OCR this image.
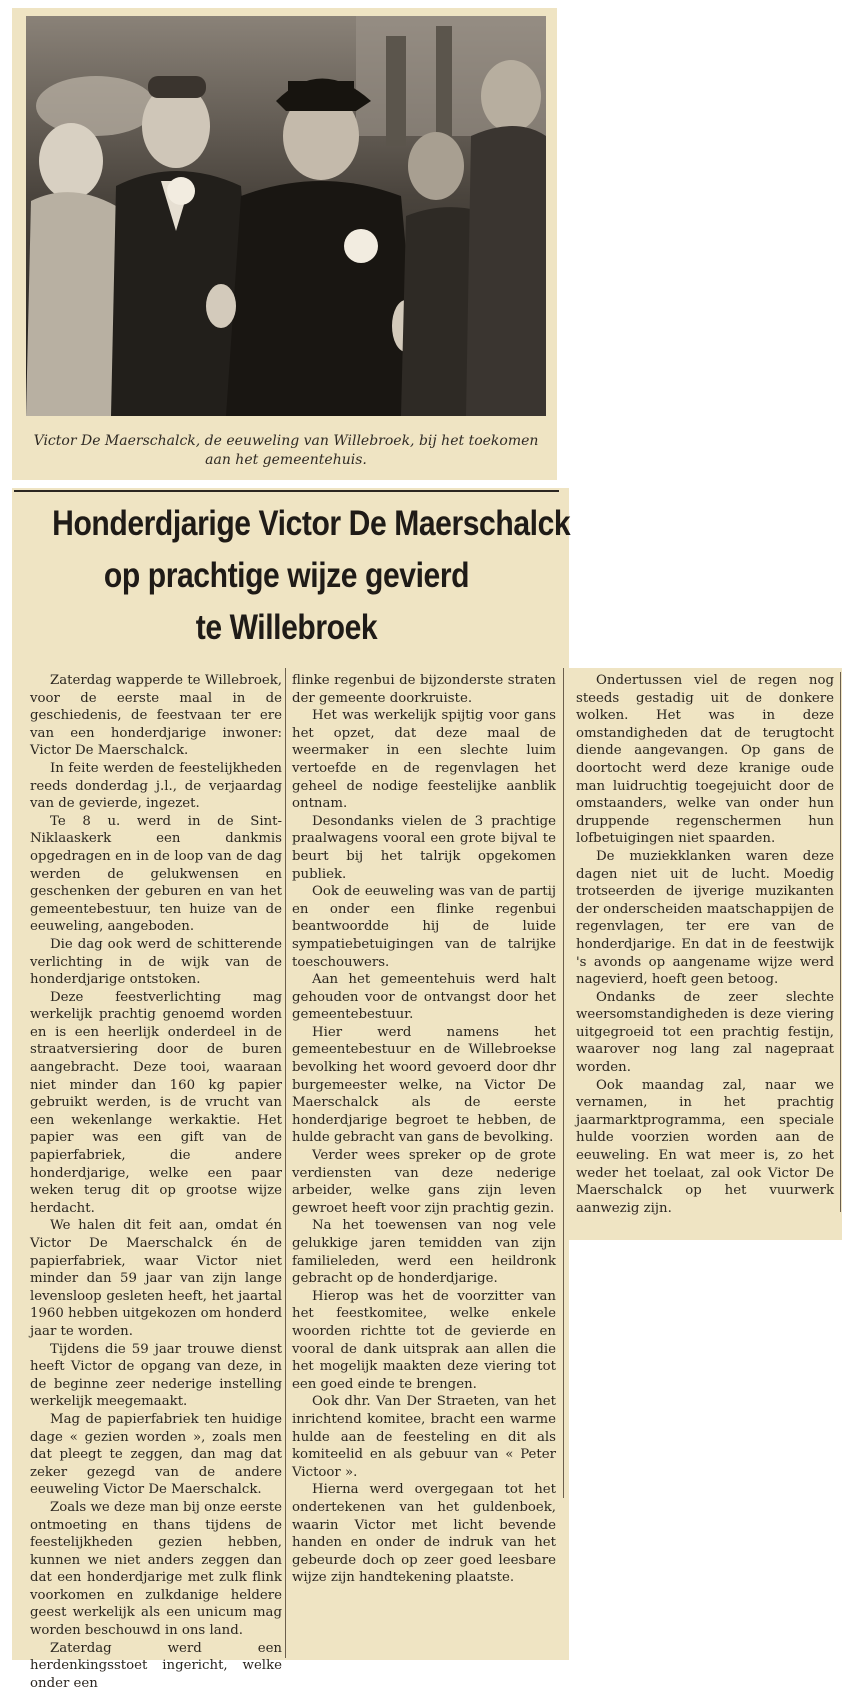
Victor De Maerschalck, de eeuweling van Willebroek, bij het toekomen aan het gemeentehuis.
Honderdjarige Victor De Maerschalck
op prachtige wijze gevierd
te Willebroek

Zaterdag wapperde te Willebroek, voor de eerste maal in de geschiedenis, de feestvaan ter ere van een honderdjarige inwoner: Victor De Maerschalck.

In feite werden de feestelijkheden reeds donderdag j.l., de verjaardag van de gevierde, ingezet.

Te 8 u. werd in de Sint-Niklaaskerk een dankmis opgedragen en in de loop van de dag werden de gelukwensen en geschenken der geburen en van het gemeentebestuur, ten huize van de eeuweling, aangeboden.

Die dag ook werd de schitterende verlichting in de wijk van de honderdjarige ontstoken.

Deze feestverlichting mag werkelijk prachtig genoemd worden en is een heerlijk onderdeel in de straatversiering door de buren aangebracht. Deze tooi, waaraan niet minder dan 160 kg papier gebruikt werden, is de vrucht van een wekenlange werkaktie. Het papier was een gift van de papierfabriek, die andere honderdjarige, welke een paar weken terug dit op grootse wijze herdacht.

We halen dit feit aan, omdat én Victor De Maerschalck én de papierfabriek, waar Victor niet minder dan 59 jaar van zijn lange levensloop gesleten heeft, het jaartal 1960 hebben uitgekozen om honderd jaar te worden.

Tijdens die 59 jaar trouwe dienst heeft Victor de opgang van deze, in de beginne zeer nederige instelling werkelijk meegemaakt.

Mag de papierfabriek ten huidige dage « gezien worden », zoals men dat pleegt te zeggen, dan mag dat zeker gezegd van de andere eeuweling Victor De Maerschalck.

Zoals we deze man bij onze eerste ontmoeting en thans tijdens de feestelijkheden gezien hebben, kunnen we niet anders zeggen dan dat een honderdjarige met zulk flink voorkomen en zulkdanige heldere geest werkelijk als een unicum mag worden beschouwd in ons land.

Zaterdag werd een herdenkingsstoet ingericht, welke onder een

flinke regenbui de bijzonderste straten der gemeente doorkruiste.

Het was werkelijk spijtig voor gans het opzet, dat deze maal de weermaker in een slechte luim vertoefde en de regenvlagen het geheel de nodige feestelijke aanblik ontnam.

Desondanks vielen de 3 prachtige praalwagens vooral een grote bijval te beurt bij het talrijk opgekomen publiek.

Ook de eeuweling was van de partij en onder een flinke regenbui beantwoordde hij de luide sympatiebetuigingen van de talrijke toeschouwers.

Aan het gemeentehuis werd halt gehouden voor de ontvangst door het gemeentebestuur.

Hier werd namens het gemeentebestuur en de Willebroekse bevolking het woord gevoerd door dhr burgemeester welke, na Victor De Maerschalck als de eerste honderdjarige begroet te hebben, de hulde gebracht van gans de bevolking.

Verder wees spreker op de grote verdiensten van deze nederige arbeider, welke gans zijn leven gewroet heeft voor zijn prachtig gezin.

Na het toewensen van nog vele gelukkige jaren temidden van zijn familieleden, werd een heildronk gebracht op de honderdjarige.

Hierop was het de voorzitter van het feestkomitee, welke enkele woorden richtte tot de gevierde en vooral de dank uitsprak aan allen die het mogelijk maakten deze viering tot een goed einde te brengen.

Ook dhr. Van Der Straeten, van het inrichtend komitee, bracht een warme hulde aan de feesteling en dit als komiteelid en als gebuur van « Peter Victoor ».

Hierna werd overgegaan tot het ondertekenen van het guldenboek, waarin Victor met licht bevende handen en onder de indruk van het gebeurde doch op zeer goed leesbare wijze zijn handtekening plaatste.

Ondertussen viel de regen nog steeds gestadig uit de donkere wolken. Het was in deze omstandigheden dat de terugtocht diende aangevangen. Op gans de doortocht werd deze kranige oude man luidruchtig toegejuicht door de omstaanders, welke van onder hun druppende regenschermen hun lofbetuigingen niet spaarden.

De muziekklanken waren deze dagen niet uit de lucht. Moedig trotseerden de ijverige muzikanten der onderscheiden maatschappijen de regenvlagen, ter ere van de honderdjarige. En dat in de feestwijk 's avonds op aangename wijze werd nagevierd, hoeft geen betoog.

Ondanks de zeer slechte weersomstandigheden is deze viering uitgegroeid tot een prachtig festijn, waarover nog lang zal nagepraat worden.

Ook maandag zal, naar we vernamen, in het prachtig jaarmarktprogramma, een speciale hulde voorzien worden aan de eeuweling. En wat meer is, zo het weder het toelaat, zal ook Victor De Maerschalck op het vuurwerk aanwezig zijn.
